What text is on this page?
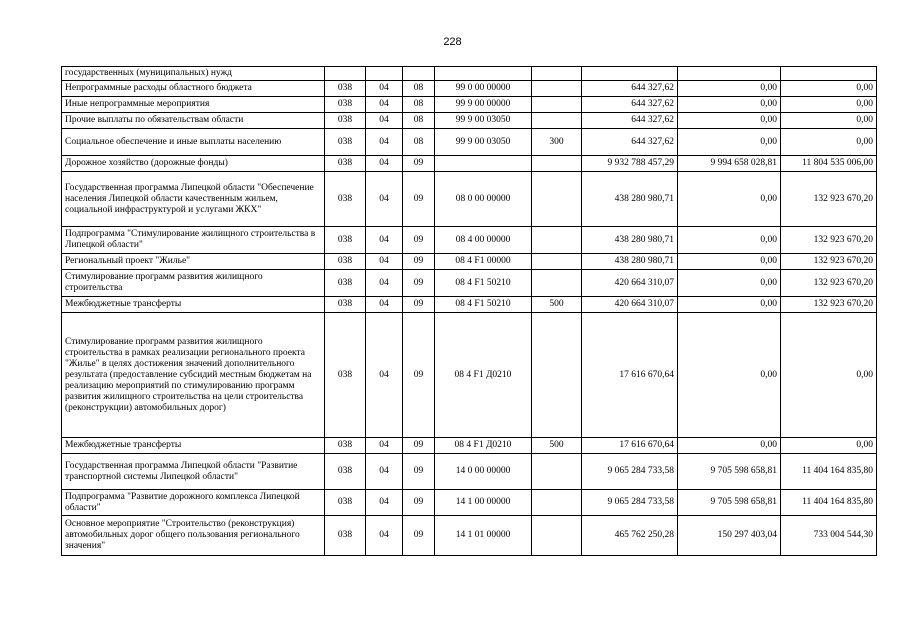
228
государственных (муниципальных) нужд								
Непрограммные расходы областного бюджета	038	04	08	99 0 00 00000		644 327,62	0,00	0,00
Иные непрограммные мероприятия	038	04	08	99 9 00 00000		644 327,62	0,00	0,00
Прочие выплаты по обязательствам области	038	04	08	99 9 00 03050		644 327,62	0,00	0,00
Социальное обеспечение и иные выплаты населению	038	04	08	99 9 00 03050	300	644 327,62	0,00	0,00
Дорожное хозяйство (дорожные фонды)	038	04	09			9 932 788 457,29	9 994 658 028,81	11 804 535 006,00
Государственная программа Липецкой области "Обеспечение населения Липецкой области качественным жильем, социальной инфраструктурой и услугами ЖКХ"	038	04	09	08 0 00 00000		438 280 980,71	0,00	132 923 670,20
Подпрограмма "Стимулирование жилищного строительства в Липецкой области"	038	04	09	08 4 00 00000		438 280 980,71	0,00	132 923 670,20
Региональный проект "Жилье"	038	04	09	08 4 F1 00000		438 280 980,71	0,00	132 923 670,20
Стимулирование программ развития жилищного строительства	038	04	09	08 4 F1 50210		420 664 310,07	0,00	132 923 670,20
Межбюджетные трансферты	038	04	09	08 4 F1 50210	500	420 664 310,07	0,00	132 923 670,20
Стимулирование программ развития жилищного строительства в рамках реализации регионального проекта "Жилье" в целях достижения значений дополнительного результата (предоставление субсидий местным бюджетам на реализацию мероприятий по стимулированию программ развития жилищного строительства на цели строительства (реконструкции) автомобильных дорог)	038	04	09	08 4 F1 Д0210		17 616 670,64	0,00	0,00
Межбюджетные трансферты	038	04	09	08 4 F1 Д0210	500	17 616 670,64	0,00	0,00
Государственная программа Липецкой области "Развитие транспортной системы Липецкой области"	038	04	09	14 0 00 00000		9 065 284 733,58	9 705 598 658,81	11 404 164 835,80
Подпрограмма "Развитие дорожного комплекса Липецкой области"	038	04	09	14 1 00 00000		9 065 284 733,58	9 705 598 658,81	11 404 164 835,80
Основное мероприятие "Строительство (реконструкция) автомобильных дорог общего пользования регионального значения"	038	04	09	14 1 01 00000		465 762 250,28	150 297 403,04	733 004 544,30
